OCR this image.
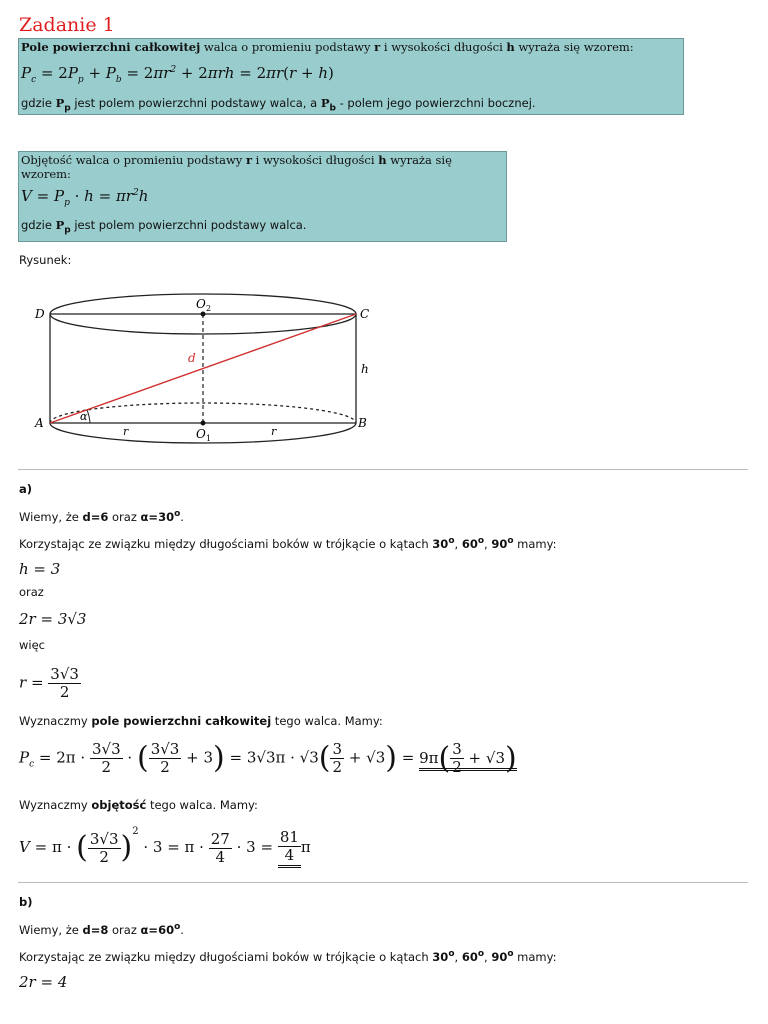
Zadanie 1
Pole powierzchni całkowitej walca o promieniu podstawy r i wysokości długości h wyraża się wzorem:
$P_c = 2P_p + P_b = 2\pi r^2 + 2\pi rh = 2\pi r(r + h)$
gdzie $P_p$ jest polem powierzchni podstawy walca, a $P_b$ - polem jego powierzchni bocznej.
Objętość walca o promieniu podstawy r i wysokości długości h wyraża się
wzorem:
$V = P_p \cdot h = \pi r^2h$
gdzie $P_p$ jest polem powierzchni podstawy walca.
Rysunek:
D	C
A	B
O 2
O 1
d
h
α
r	r
a)
Wiemy, że d=6 oraz $\alpha=30^o$.
Korzystając ze związku między długościami boków w trójkącie o kątach 30$^o$, 60$^o$, 90$^o$ mamy:
h = 3
oraz
2r = 3√3
więc
$r = \frac{3√3}{2}$
Wyznaczmy pole powierzchni całkowitej tego walca. Mamy:
$P_c = 2\pi \cdot \frac{3√3}{2}$ · ( $\frac{3√3}{2} + 3) = 3√3\pi \cdot √3( \frac{3}{2} + √3) = 9\pi( \frac{3}{2} + √3)$
Wyznaczmy objętość tego walca. Mamy:
V = π · ( $\frac{3√3}{2} )^2 \cdot 3 = \pi \cdot \frac{27}{4} \cdot 3 = \frac{81}{4}$ π
b)
Wiemy, że d=8 oraz $\alpha=60^o$.
Korzystając ze związku między długościami boków w trójkącie o kątach 30$^o$, 60$^o$, 90$^o$ mamy:
2r = 4
